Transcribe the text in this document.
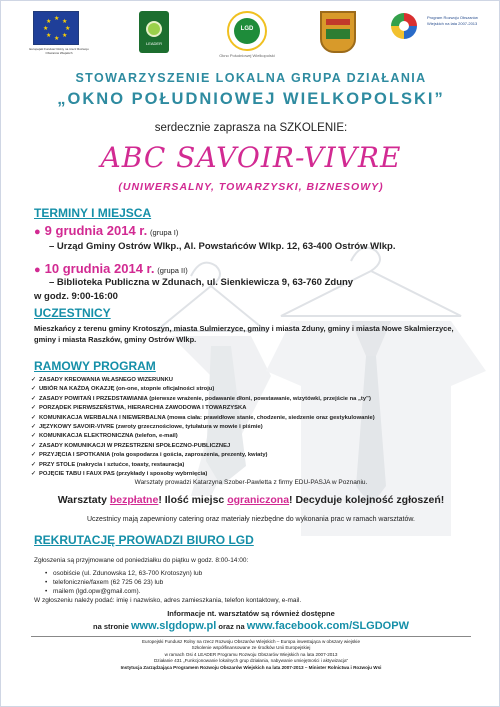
★ ★
★
★
★
★
★
★
Europejski Fundusz Rolny na rzecz Rozwoju Obszarów Wiejskich
LEADER
LGD
Okno Południowej Wielkopolski
Program Rozwoju Obszarów Wiejskich na lata 2007-2013
STOWARZYSZENIE LOKALNA GRUPA DZIAŁANIA
„OKNO POŁUDNIOWEJ WIELKOPOLSKI”
serdecznie zaprasza na SZKOLENIE:
ABC SAVOIR-VIVRE
(UNIWERSALNY, TOWARZYSKI, BIZNESOWY)
TERMINY I MIEJSCA
● 9 grudnia 2014 r. (grupa I)
– Urząd Gminy Ostrów Wlkp., Al. Powstańców Wlkp. 12, 63-400 Ostrów Wlkp.
● 10 grudnia 2014 r. (grupa II)
– Biblioteka Publiczna w Zdunach, ul. Sienkiewicza 9, 63-760 Zduny
w godz. 9:00-16:00
UCZESTNICY
Mieszkańcy z terenu gminy Krotoszyn, miasta Sulmierzyce, gminy i miasta Zduny, gminy i miasta Nowe Skalmierzyce, gminy i miasta Raszków, gminy Ostrów Wlkp.
RAMOWY PROGRAM
✓ ZASADY KREOWANIA WŁASNEGO WIZERUNKU
✓ UBIÓR NA KAŻDĄ OKAZJĘ (on-one, stopnie oficjalności stroju)
✓ ZASADY POWITAŃ I PRZEDSTAWIANIA (pierwsze wrażenie, podawanie dłoni, powstawanie, wizytówki, przejście na „ty”)
✓ PORZĄDEK PIERWSZEŃSTWA, HIERARCHIA ZAWODOWA I TOWARZYSKA
✓ KOMUNIKACJA WERBALNA I NIEWERBALNA (mowa ciała: prawidłowe stanie, chodzenie, siedzenie oraz gestykulowanie)
✓ JĘZYKOWY SAVOIR-VIVRE (zwroty grzecznościowe, tytułatura w mowie i piśmie)
✓ KOMUNIKACJA ELEKTRONICZNA (telefon, e-mail)
✓ ZASADY KOMUNIKACJI W PRZESTRZENI SPOŁECZNO-PUBLICZNEJ
✓ PRZYJĘCIA I SPOTKANIA (rola gospodarza i gościa, zaproszenia, prezenty, kwiaty)
✓ PRZY STOLE (nakrycia i sztućce, toasty, restauracja)
✓ POJĘCIE TABU I FAUX PAS (przykłady i sposoby wybrnięcia)
Warsztaty prowadzi Katarzyna Szober-Pawletta z firmy EDU-PASJA w Poznaniu.
Warsztaty bezpłatne! Ilość miejsc ograniczona! Decyduje kolejność zgłoszeń!
Uczestnicy mają zapewniony catering oraz materiały niezbędne do wykonania prac w ramach warsztatów.
REKRUTACJĘ PROWADZI BIURO LGD
Zgłoszenia są przyjmowane od poniedziałku do piątku w godz. 8:00-14:00:
• osobiście (ul. Zdunowska 12, 63-700 Krotoszyn) lub
• telefonicznie/faxem (62 725 06 23) lub
• mailem (lgd.opw@gmail.com).
W zgłoszeniu należy podać: imię i nazwisko, adres zamieszkania, telefon kontaktowy, e-mail.
Informacje nt. warsztatów są również dostępne
na stronie www.slgdopw.pl oraz na www.facebook.com/SLGDOPW
Europejski Fundusz Rolny na rzecz Rozwoju Obszarów Wiejskich – Europa inwestująca w obszary wiejskie
Szkolenie współfinansowane ze środków Unii Europejskiej
w ramach Osi 4 LEADER Programu Rozwoju Obszarów Wiejskich na lata 2007-2013
Działanie 431 „Funkcjonowanie lokalnych grup działania, nabywanie umiejętności i aktywizacja”
Instytucja Zarządzająca Programem Rozwoju Obszarów Wiejskich na lata 2007-2013 – Minister Rolnictwa i Rozwoju Wsi
